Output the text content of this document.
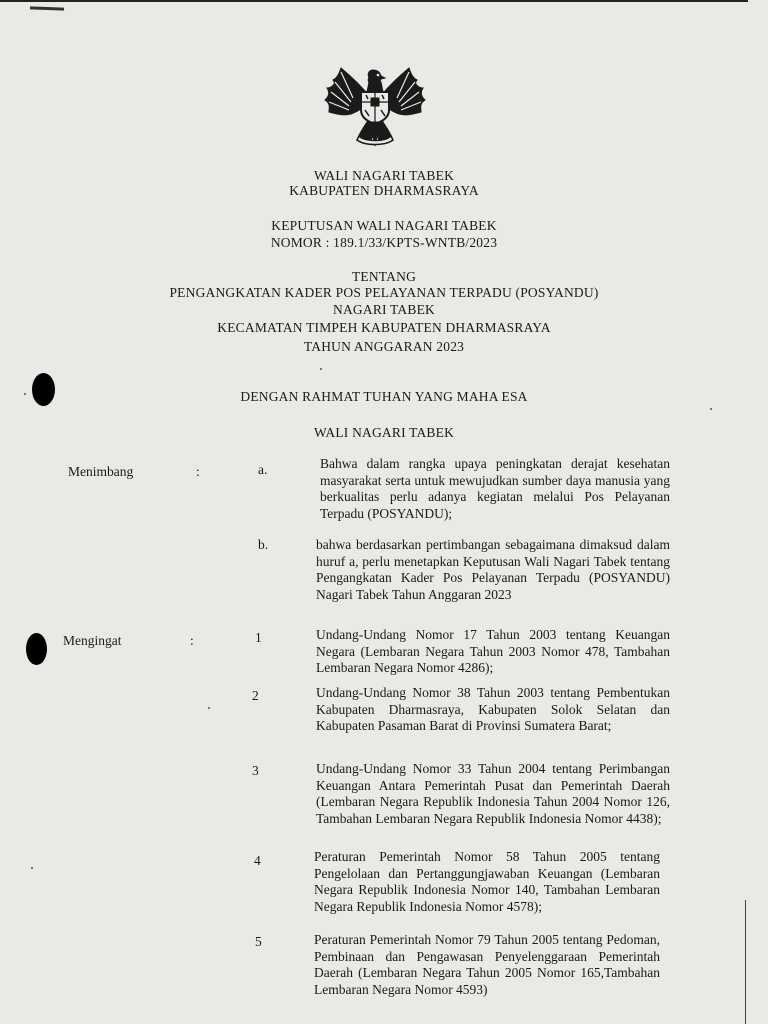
WALI NAGARI TABEK
KABUPATEN DHARMASRAYA
KEPUTUSAN WALI NAGARI TABEK
NOMOR : 189.1/33/KPTS-WNTB/2023
TENTANG
PENGANGKATAN KADER POS PELAYANAN TERPADU (POSYANDU)
NAGARI TABEK
KECAMATAN TIMPEH KABUPATEN DHARMASRAYA
TAHUN ANGGARAN 2023
DENGAN RAHMAT TUHAN YANG MAHA ESA
WALI NAGARI TABEK
Menimbang	:	a.	Bahwa dalam rangka upaya peningkatan derajat kesehatan masyarakat serta untuk mewujudkan sumber daya manusia yang berkualitas perlu adanya kegiatan melalui Pos Pelayanan Terpadu (POSYANDU);
b.	bahwa berdasarkan pertimbangan sebagaimana dimaksud dalam huruf a, perlu menetapkan Keputusan Wali Nagari Tabek tentang Pengangkatan Kader Pos Pelayanan Terpadu (POSYANDU) Nagari Tabek Tahun Anggaran 2023
Mengingat	:	1	Undang-Undang Nomor 17 Tahun 2003 tentang Keuangan Negara (Lembaran Negara Tahun 2003 Nomor 478, Tambahan Lembaran Negara Nomor 4286);
2	Undang-Undang Nomor 38 Tahun 2003 tentang Pembentukan Kabupaten Dharmasraya, Kabupaten Solok Selatan dan Kabupaten Pasaman Barat di Provinsi Sumatera Barat;
3	Undang-Undang Nomor 33 Tahun 2004 tentang Perimbangan Keuangan Antara Pemerintah Pusat dan Pemerintah Daerah (Lembaran Negara Republik Indonesia Tahun 2004 Nomor 126, Tambahan Lembaran Negara Republik Indonesia Nomor 4438);
4	Peraturan Pemerintah Nomor 58 Tahun 2005 tentang Pengelolaan dan Pertanggungjawaban Keuangan (Lembaran Negara Republik Indonesia Nomor 140, Tambahan Lembaran Negara Republik Indonesia Nomor 4578);
5	Peraturan Pemerintah Nomor 79 Tahun 2005 tentang Pedoman, Pembinaan dan Pengawasan Penyelenggaraan Pemerintah Daerah (Lembaran Negara Tahun 2005 Nomor 165,Tambahan Lembaran Negara Nomor 4593)
